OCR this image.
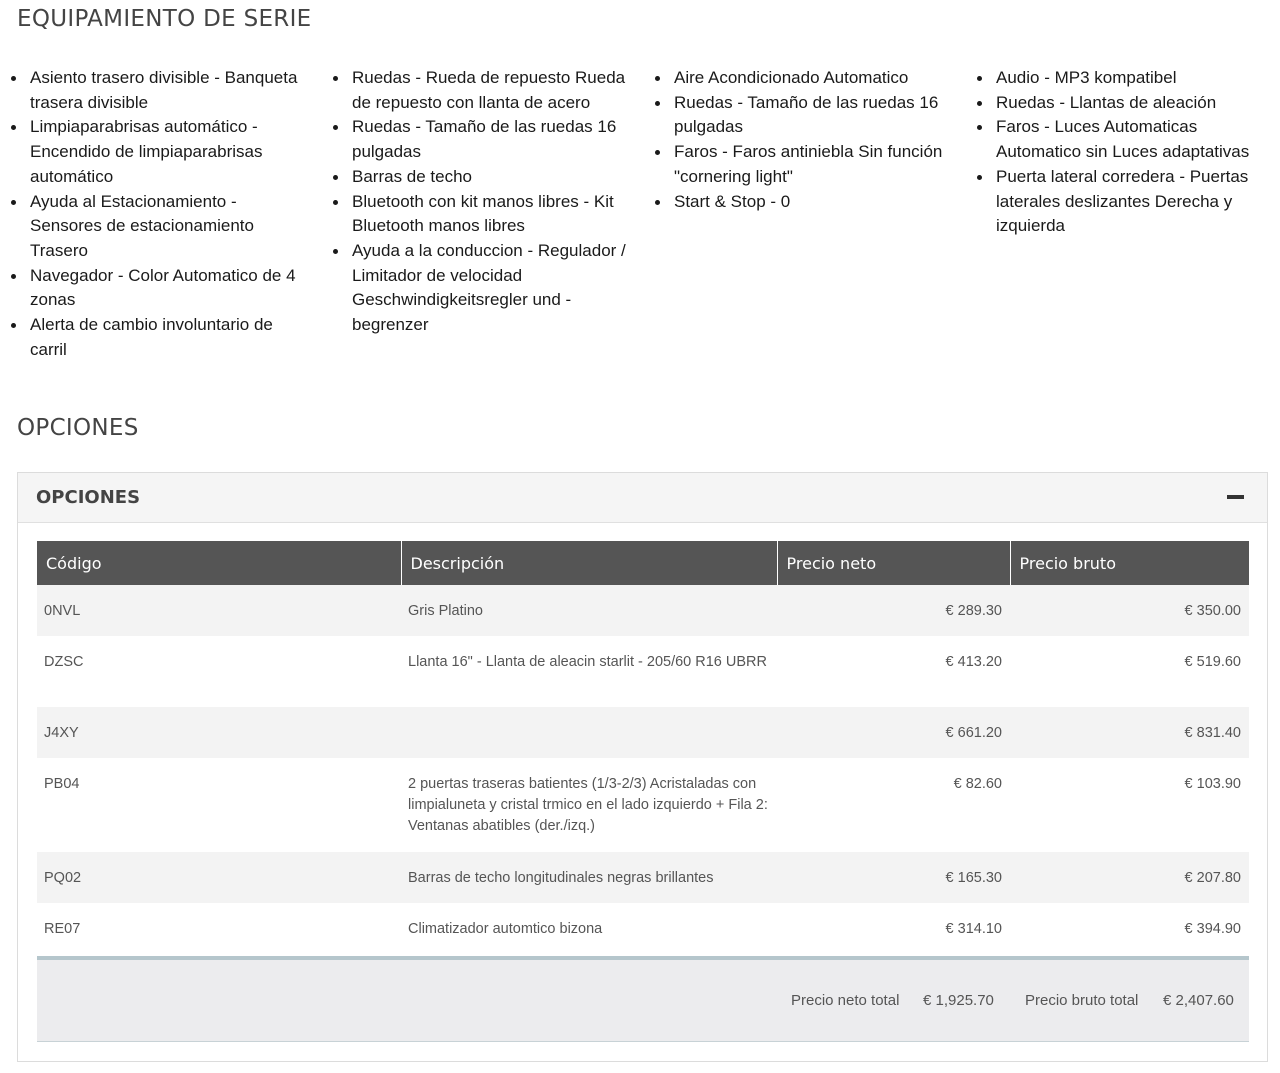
EQUIPAMIENTO DE SERIE
Asiento trasero divisible - Banqueta trasera divisible
Limpiaparabrisas automático - Encendido de limpiaparabrisas automático
Ayuda al Estacionamiento - Sensores de estacionamiento Trasero
Navegador - Color Automatico de 4 zonas
Alerta de cambio involuntario de carril
Ruedas - Rueda de repuesto Rueda de repuesto con llanta de acero
Ruedas - Tamaño de las ruedas 16 pulgadas
Barras de techo
Bluetooth con kit manos libres - Kit Bluetooth manos libres
Ayuda a la conduccion - Regulador / Limitador de velocidad Geschwindigkeitsregler und -begrenzer
Aire Acondicionado Automatico
Ruedas - Tamaño de las ruedas 16 pulgadas
Faros - Faros antiniebla Sin función "cornering light"
Start & Stop - 0
Audio - MP3 kompatibel
Ruedas - Llantas de aleación
Faros - Luces Automaticas Automatico sin Luces adaptativas
Puerta lateral corredera - Puertas laterales deslizantes Derecha y izquierda
OPCIONES
OPCIONES
Código	Descripción	Precio neto	Precio bruto
0NVL	Gris Platino	€ 289.30	€ 350.00
DZSC	Llanta 16" - Llanta de aleacin starlit - 205/60 R16 UBRR	€ 413.20	€ 519.60
J4XY		€ 661.20	€ 831.40
PB04	2 puertas traseras batientes (1/3-2/3) Acristaladas con limpialuneta y cristal trmico en el lado izquierdo + Fila 2: Ventanas abatibles (der./izq.)	€ 82.60	€ 103.90
PQ02	Barras de techo longitudinales negras brillantes	€ 165.30	€ 207.80
RE07	Climatizador automtico bizona	€ 314.10	€ 394.90
Precio neto total € 1,925.70 Precio bruto total € 2,407.60
